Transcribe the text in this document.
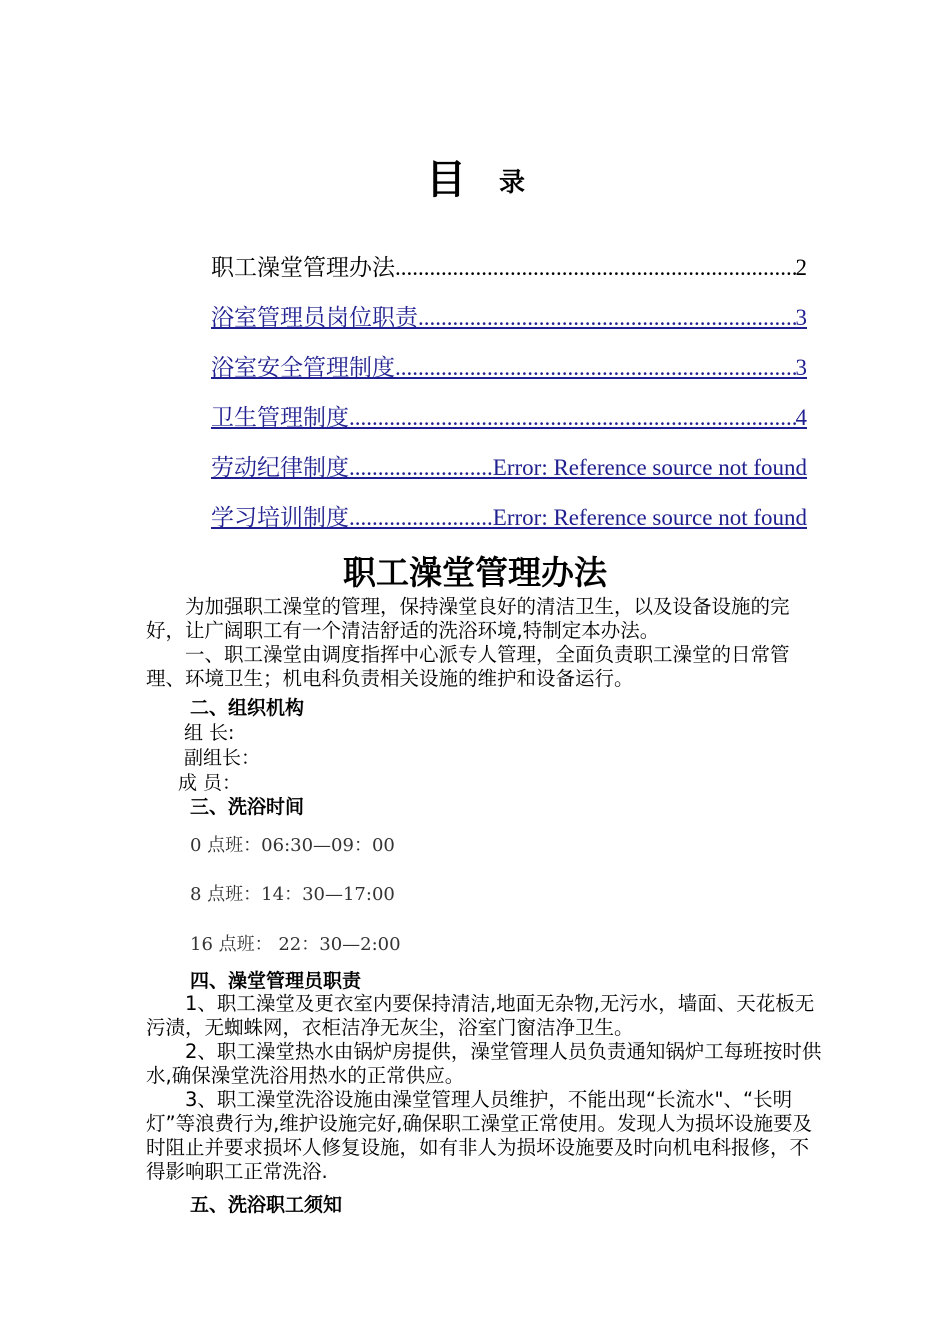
目 录
职工澡堂管理办法 .....	2
浴室管理员岗位职责 .....	3
浴室安全管理制度 .....	3
卫生管理制度 .....	4
劳动纪律制度 .....	Error: Reference source not found
学习培训制度 .....	Error: Reference source not found
职工澡堂管理办法

为加强职工澡堂的管理，保持澡堂良好的清洁卫生，以及设备设施的完好，让广阔职工有一个清洁舒适的洗浴环境,特制定本办法。

一、职工澡堂由调度指挥中心派专人管理，全面负责职工澡堂的日常管理、环境卫生；机电科负责相关设施的维护和设备运行。

二、组织机构
组 长:
副组长：
成 员：
三、洗浴时间
0 点班：06:30—09：00
8 点班：14：30—17:00
16 点班： 22：30—2:00
四、澡堂管理员职责

1、职工澡堂及更衣室内要保持清洁,地面无杂物,无污水，墙面、天花板无污渍，无蜘蛛网，衣柜洁净无灰尘，浴室门窗洁净卫生。

2、职工澡堂热水由锅炉房提供，澡堂管理人员负责通知锅炉工每班按时供水,确保澡堂洗浴用热水的正常供应。

3、职工澡堂洗浴设施由澡堂管理人员维护，不能出现“长流水"、“长明灯”等浪费行为,维护设施完好,确保职工澡堂正常使用。发现人为损坏设施要及时阻止并要求损坏人修复设施，如有非人为损坏设施要及时向机电科报修，不得影响职工正常洗浴.

五、洗浴职工须知
